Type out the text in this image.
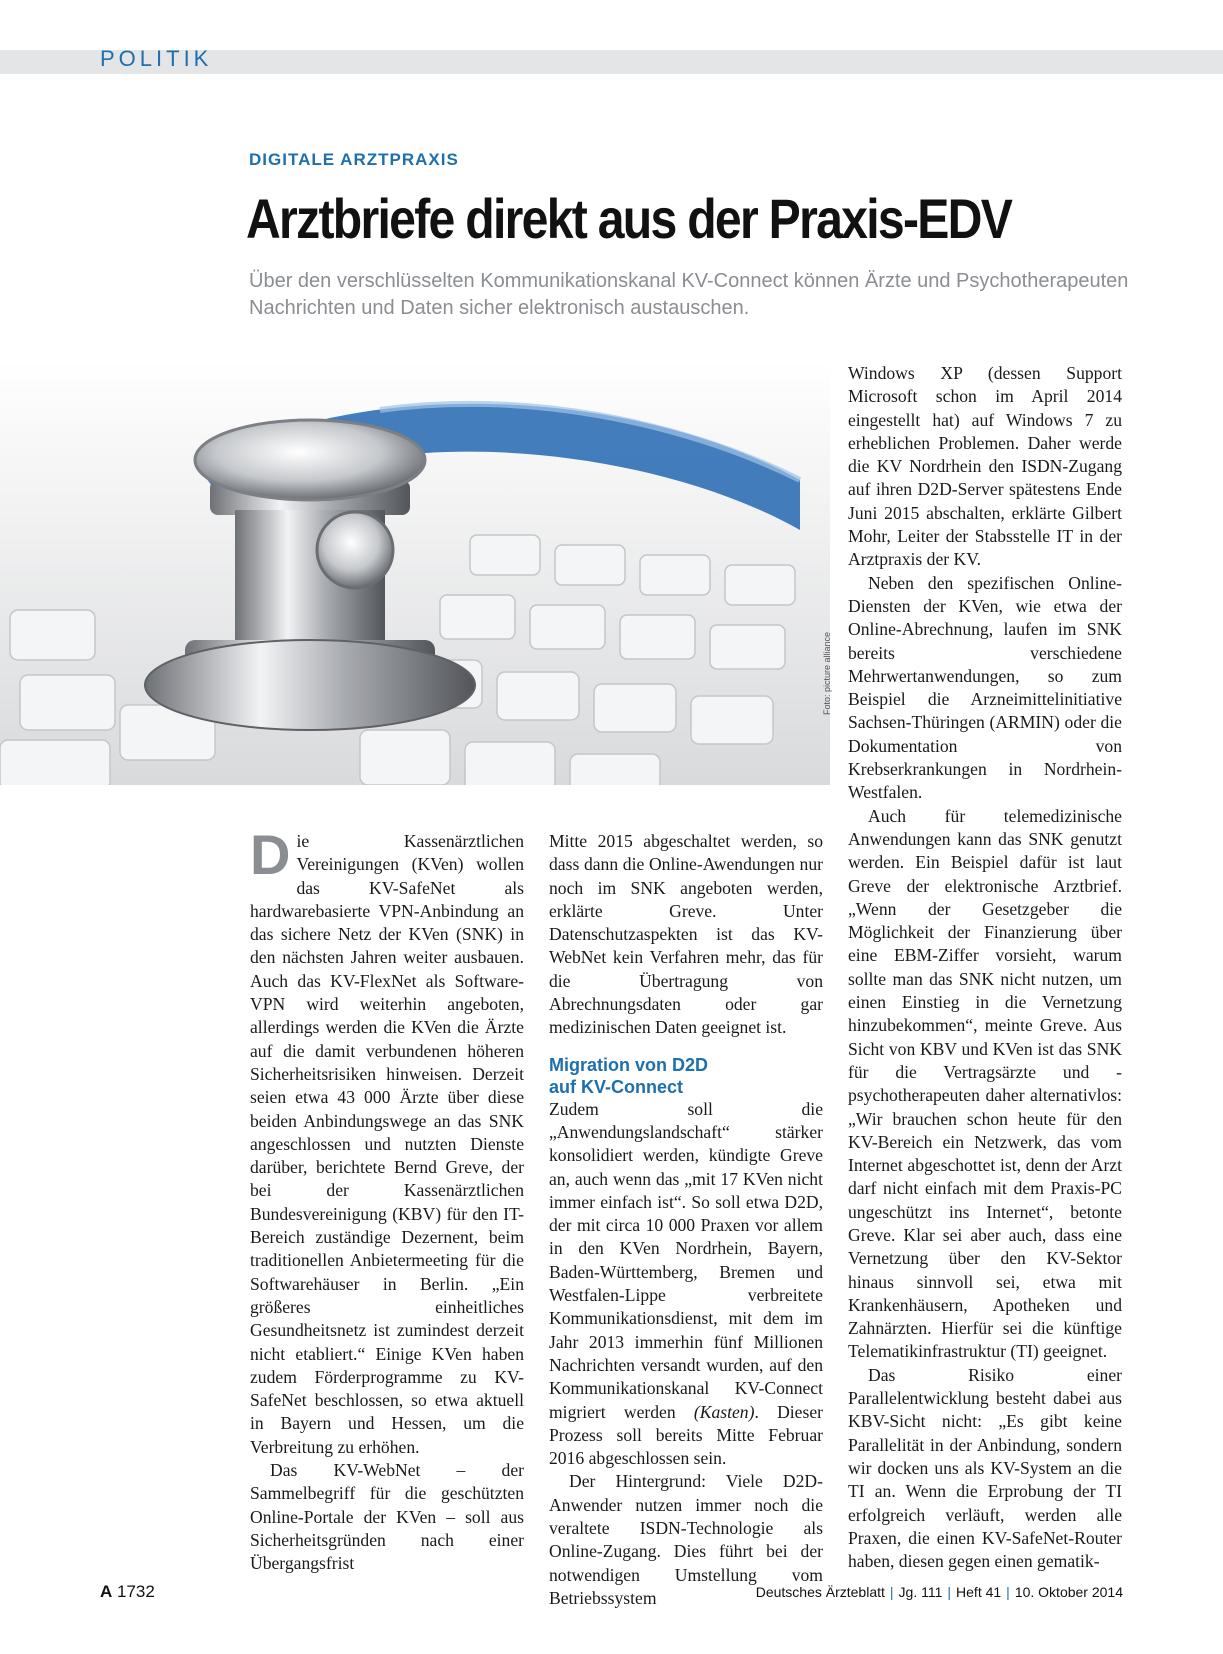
POLITIK
DIGITALE ARZTPRAXIS
Arztbriefe direkt aus der Praxis-EDV

Über den verschlüsselten Kommunikationskanal KV-Connect können Ärzte und Psychotherapeuten Nachrichten und Daten sicher elektronisch austauschen.

Foto: picture alliance

Die Kassenärztlichen Vereinigungen (KVen) wollen das KV-SafeNet als hardwarebasierte VPN-Anbindung an das sichere Netz der KVen (SNK) in den nächsten Jahren weiter ausbauen. Auch das KV-FlexNet als Software-VPN wird weiterhin angeboten, allerdings werden die KVen die Ärzte auf die damit verbundenen höheren Sicherheitsrisiken hinweisen. Derzeit seien etwa 43 000 Ärzte über diese beiden Anbindungswege an das SNK angeschlossen und nutzten Dienste darüber, berichtete Bernd Greve, der bei der Kassenärztlichen Bundesvereinigung (KBV) für den IT-Bereich zuständige Dezernent, beim traditionellen Anbietermeeting für die Softwarehäuser in Berlin. „Ein größeres einheitliches Gesundheitsnetz ist zumindest derzeit nicht etabliert.“ Einige KVen haben zudem Förderprogramme zu KV-SafeNet beschlossen, so etwa aktuell in Bayern und Hessen, um die Verbreitung zu erhöhen.

Das KV-WebNet – der Sammelbegriff für die geschützten Online-Portale der KVen – soll aus Sicherheitsgründen nach einer Übergangsfrist

Mitte 2015 abgeschaltet werden, so dass dann die Online-Awendungen nur noch im SNK angeboten werden, erklärte Greve. Unter Datenschutzaspekten ist das KV-WebNet kein Verfahren mehr, das für die Übertragung von Abrechnungsdaten oder gar medizinischen Daten geeignet ist.

Migration von D2D
auf KV-Connect

Zudem soll die „Anwendungslandschaft“ stärker konsolidiert werden, kündigte Greve an, auch wenn das „mit 17 KVen nicht immer einfach ist“. So soll etwa D2D, der mit circa 10 000 Praxen vor allem in den KVen Nordrhein, Bayern, Baden-Württemberg, Bremen und Westfalen-Lippe verbreitete Kommunikationsdienst, mit dem im Jahr 2013 immerhin fünf Millionen Nachrichten versandt wurden, auf den Kommunikationskanal KV-Connect migriert werden (Kasten). Dieser Prozess soll bereits Mitte Februar 2016 abgeschlossen sein.

Der Hintergrund: Viele D2D-Anwender nutzen immer noch die veraltete ISDN-Technologie als Online-Zugang. Dies führt bei der notwendigen Umstellung vom Betriebssystem

Windows XP (dessen Support Microsoft schon im April 2014 eingestellt hat) auf Windows 7 zu erheblichen Problemen. Daher werde die KV Nordrhein den ISDN-Zugang auf ihren D2D-Server spätestens Ende Juni 2015 abschalten, erklärte Gilbert Mohr, Leiter der Stabsstelle IT in der Arztpraxis der KV.

Neben den spezifischen Online-Diensten der KVen, wie etwa der Online-Abrechnung, laufen im SNK bereits verschiedene Mehrwertanwendungen, so zum Beispiel die Arzneimittelinitiative Sachsen-Thüringen (ARMIN) oder die Dokumentation von Krebserkrankungen in Nordrhein-Westfalen.

Auch für telemedizinische Anwendungen kann das SNK genutzt werden. Ein Beispiel dafür ist laut Greve der elektronische Arztbrief. „Wenn der Gesetzgeber die Möglichkeit der Finanzierung über eine EBM-Ziffer vorsieht, warum sollte man das SNK nicht nutzen, um einen Einstieg in die Vernetzung hinzubekommen“, meinte Greve. Aus Sicht von KBV und KVen ist das SNK für die Vertragsärzte und -psychotherapeuten daher alternativlos: „Wir brauchen schon heute für den KV-Bereich ein Netzwerk, das vom Internet abgeschottet ist, denn der Arzt darf nicht einfach mit dem Praxis-PC ungeschützt ins Internet“, betonte Greve. Klar sei aber auch, dass eine Vernetzung über den KV-Sektor hinaus sinnvoll sei, etwa mit Krankenhäusern, Apotheken und Zahnärzten. Hierfür sei die künftige Telematikinfrastruktur (TI) geeignet.

Das Risiko einer Parallelentwicklung besteht dabei aus KBV-Sicht nicht: „Es gibt keine Parallelität in der Anbindung, sondern wir docken uns als KV-System an die TI an. Wenn die Erprobung der TI erfolgreich verläuft, werden alle Praxen, die einen KV-SafeNet-Router haben, diesen gegen einen gematik-

A 1732	Deutsches Ärzteblatt | Jg. 111 | Heft 41 | 10. Oktober 2014
